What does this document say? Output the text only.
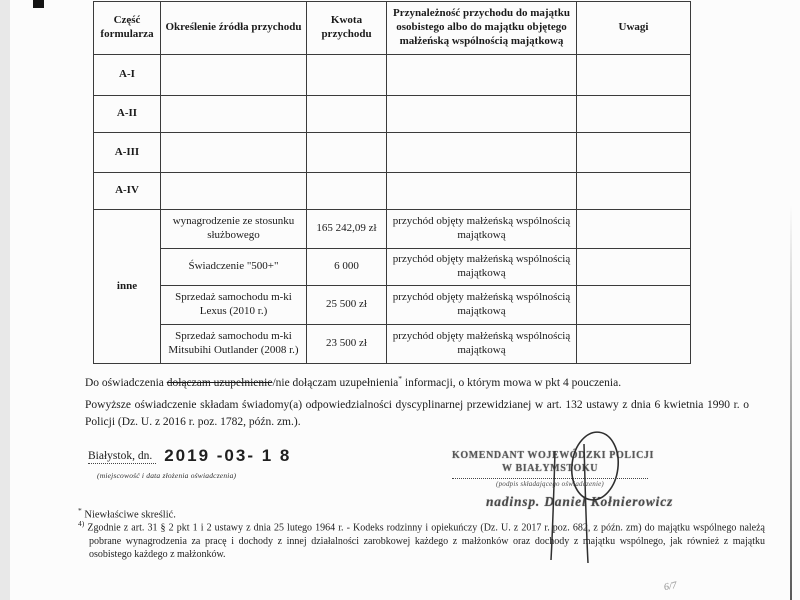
Część formularza	Określenie źródła przychodu	Kwota przychodu	Przynależność przychodu do majątku osobistego albo do majątku objętego małżeńską wspólnością majątkową	Uwagi
A-I				
A-II				
A-III				
A-IV				
inne	wynagrodzenie ze stosunku służbowego	165 242,09 zł	przychód objęty małżeńską wspólnością majątkową	
	Świadczenie "500+"	6 000	przychód objęty małżeńską wspólnością majątkową	
	Sprzedaż samochodu m-ki Lexus (2010 r.)	25 500 zł	przychód objęty małżeńską wspólnością majątkową	
	Sprzedaż samochodu m-ki Mitsubihi Outlander (2008 r.)	23 500 zł	przychód objęty małżeńską wspólnością majątkową	
Do oświadczenia dołączam uzupełnienie/nie dołączam uzupełnienia* informacji, o którym mowa w pkt 4 pouczenia.
Powyższe oświadczenie składam świadomy(a) odpowiedzialności dyscyplinarnej przewidzianej w art. 132 ustawy z dnia 6 kwietnia 1990 r. o Policji (Dz. U. z 2016 r. poz. 1782, późn. zm.).
Białystok, dn. 2019 -03- 1 8
(miejscowość i data złożenia oświadczenia)
KOMENDANT WOJEWÓDZKI POLICJI
W BIAŁYMSTOKU
(podpis składającego oświadczenie)
nadinsp. Daniel Kołnierowicz
* Niewłaściwe skreślić.
$^{4)}$ Zgodnie z art. 31 § 2 pkt 1 i 2 ustawy z dnia 25 lutego 1964 r. - Kodeks rodzinny i opiekuńczy (Dz. U. z 2017 r. poz. 682, z późn. zm) do majątku wspólnego należą pobrane wynagrodzenia za pracę i dochody z innej działalności zarobkowej każdego z małżonków oraz dochody z majątku wspólnego, jak również z majątku osobistego każdego z małżonków.
6/7
